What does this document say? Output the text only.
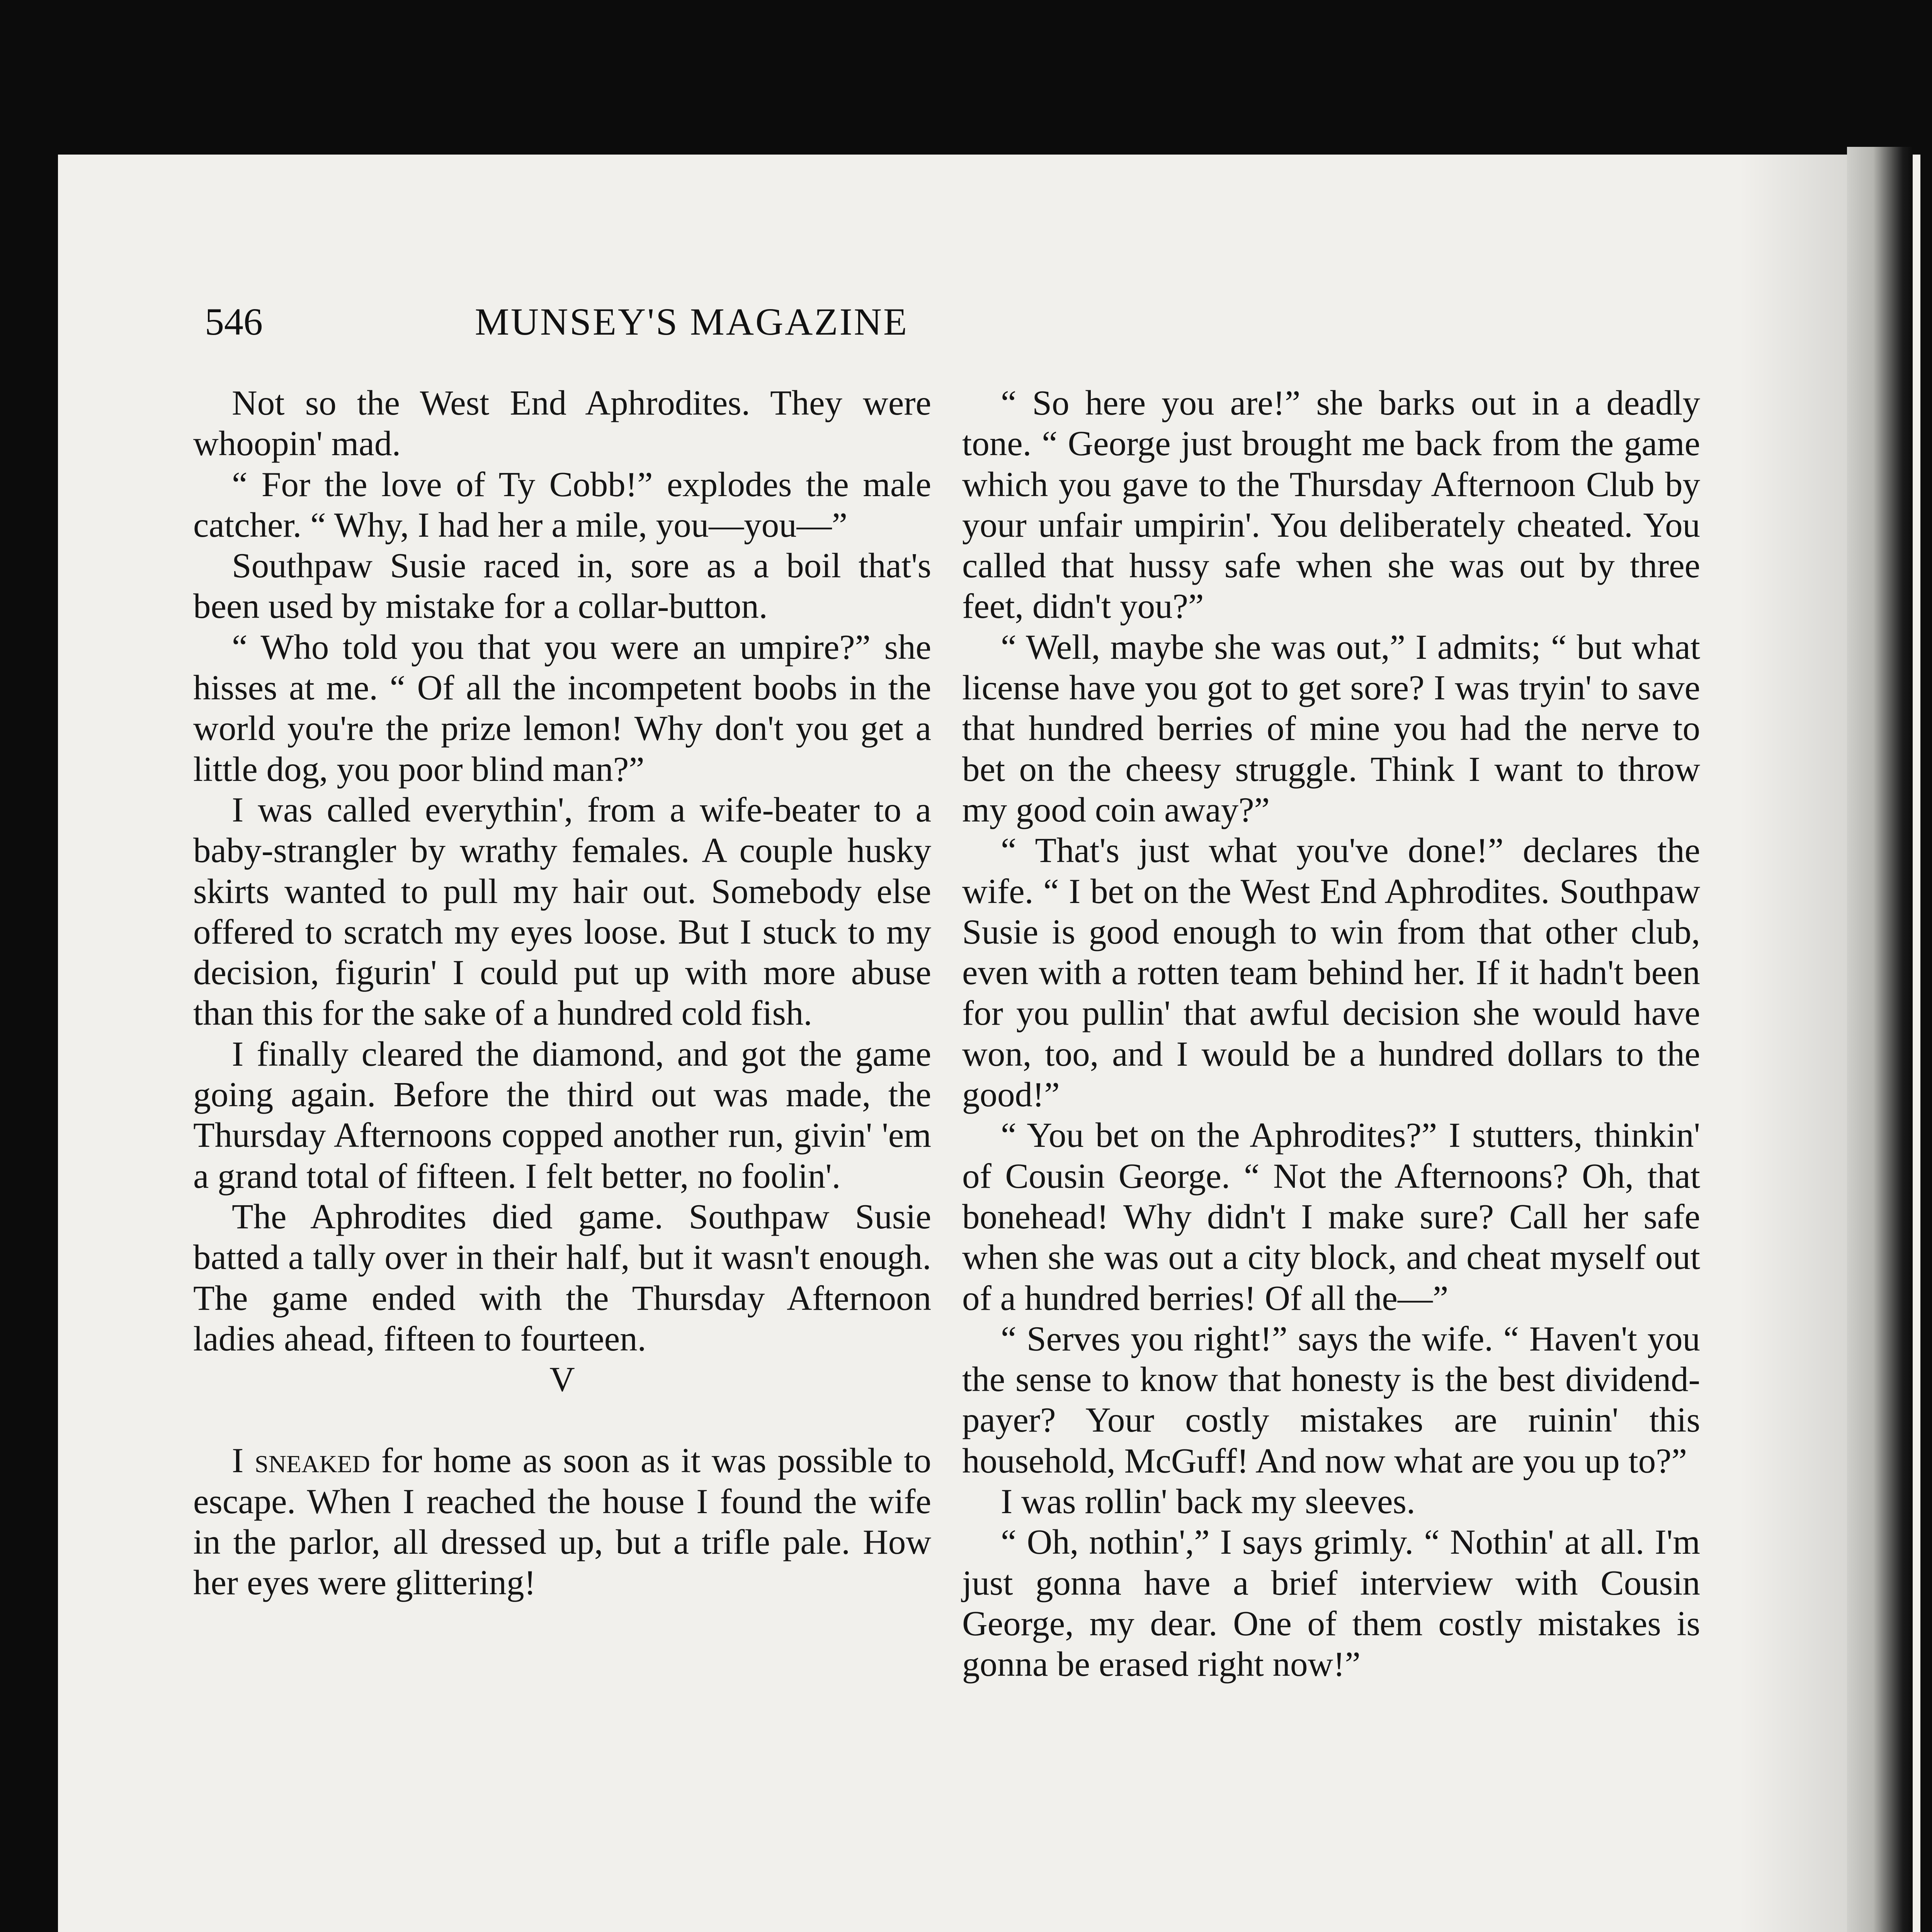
546	MUNSEY'S MAGAZINE

Not so the West End Aphrodites. They were whoopin' mad.

“ For the love of Ty Cobb!” explodes the male catcher. “ Why, I had her a mile, you—you—”

Southpaw Susie raced in, sore as a boil that's been used by mistake for a collar-button.

“ Who told you that you were an umpire?” she hisses at me. “ Of all the incompetent boobs in the world you're the prize lemon! Why don't you get a little dog, you poor blind man?”

I was called everythin', from a wife-beater to a baby-strangler by wrathy females. A couple husky skirts wanted to pull my hair out. Somebody else offered to scratch my eyes loose. But I stuck to my decision, figurin' I could put up with more abuse than this for the sake of a hundred cold fish.

I finally cleared the diamond, and got the game going again. Before the third out was made, the Thursday Afternoons copped another run, givin' 'em a grand total of fifteen. I felt better, no foolin'.

The Aphrodites died game. Southpaw Susie batted a tally over in their half, but it wasn't enough. The game ended with the Thursday Afternoon ladies ahead, fifteen to fourteen.

V

I sneaked for home as soon as it was possible to escape. When I reached the house I found the wife in the parlor, all dressed up, but a trifle pale. How her eyes were glittering!

“ So here you are!” she barks out in a deadly tone. “ George just brought me back from the game which you gave to the Thursday Afternoon Club by your unfair umpirin'. You deliberately cheated. You called that hussy safe when she was out by three feet, didn't you?”

“ Well, maybe she was out,” I admits; “ but what license have you got to get sore? I was tryin' to save that hundred berries of mine you had the nerve to bet on the cheesy struggle. Think I want to throw my good coin away?”

“ That's just what you've done!” declares the wife. “ I bet on the West End Aphrodites. Southpaw Susie is good enough to win from that other club, even with a rotten team behind her. If it hadn't been for you pullin' that awful decision she would have won, too, and I would be a hundred dollars to the good!”

“ You bet on the Aphrodites?” I stutters, thinkin' of Cousin George. “ Not the Afternoons? Oh, that bonehead! Why didn't I make sure? Call her safe when she was out a city block, and cheat myself out of a hundred berries! Of all the—”

“ Serves you right!” says the wife. “ Haven't you the sense to know that honesty is the best dividend-payer? Your costly mistakes are ruinin' this household, McGuff! And now what are you up to?”

I was rollin' back my sleeves.

“ Oh, nothin',” I says grimly. “ Nothin' at all. I'm just gonna have a brief interview with Cousin George, my dear. One of them costly mistakes is gonna be erased right now!”
